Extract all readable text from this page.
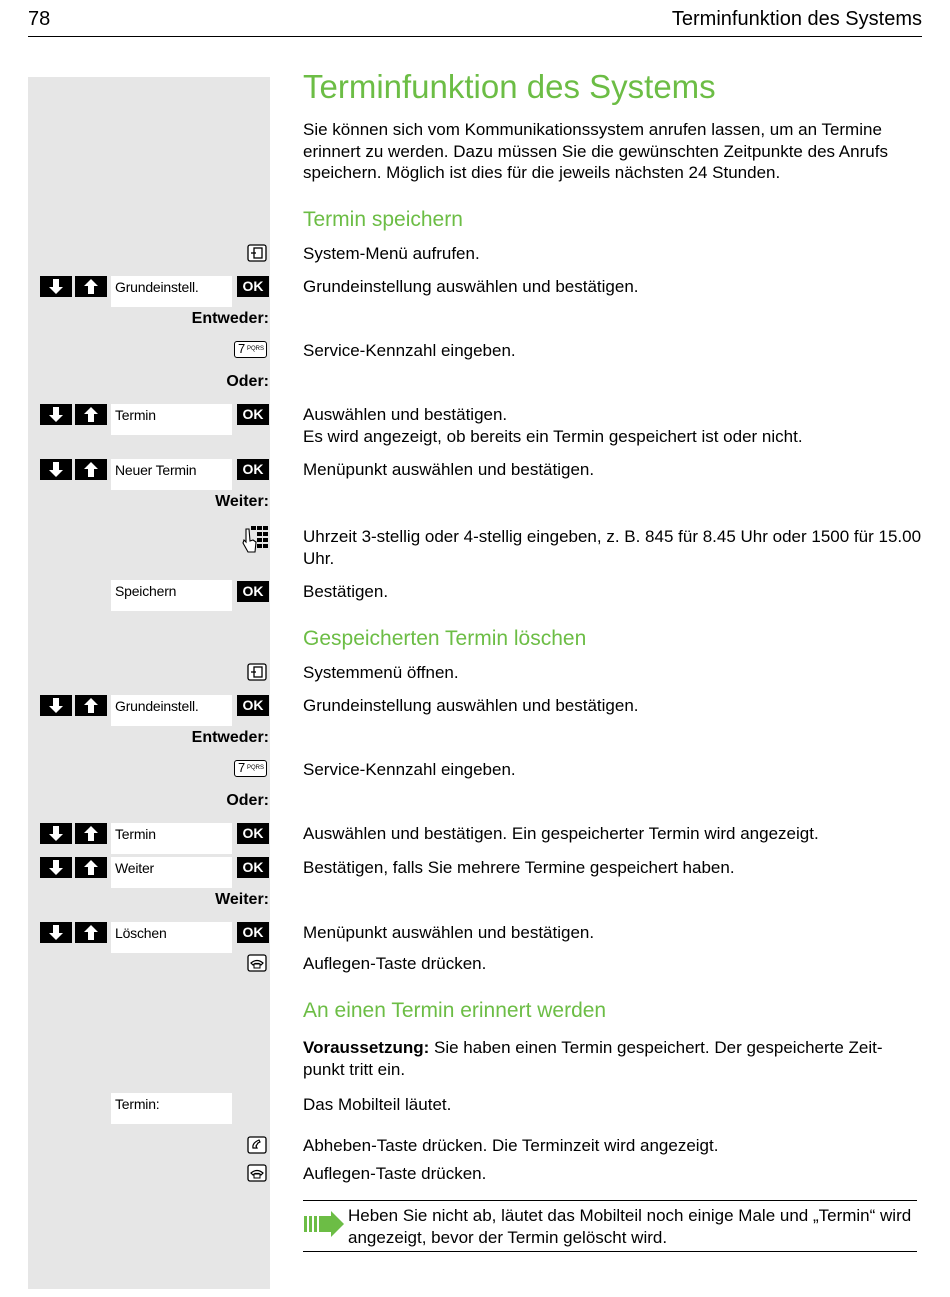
78	Terminfunktion des Systems
Terminfunktion des Systems
Sie können sich vom Kommunikationssystem anrufen lassen, um an Termine erinnert zu werden. Dazu müssen Sie die gewünschten Zeitpunkte des Anrufs speichern. Möglich ist dies für die jeweils nächsten 24 Stunden.
Termin speichern
System-Menü aufrufen.
Grundeinstell.	OK	Grundeinstellung auswählen und bestätigen.
Entweder:
7 PQRS Service-Kennzahl eingeben.
Oder:
Termin	OK	Auswählen und bestätigen.
Es wird angezeigt, ob bereits ein Termin gespeichert ist oder nicht.
Neuer Termin	OK	Menüpunkt auswählen und bestätigen.
Weiter:
Uhrzeit 3-stellig oder 4-stellig eingeben, z. B. 845 für 8.45 Uhr oder 1500 für 15.00 Uhr.
Speichern	OK	Bestätigen.
Gespeicherten Termin löschen
Systemmenü öffnen.
Grundeinstell.	OK	Grundeinstellung auswählen und bestätigen.
Entweder:
7 PQRS Service-Kennzahl eingeben.
Oder:
Termin	OK	Auswählen und bestätigen. Ein gespeicherter Termin wird angezeigt.
Weiter	OK	Bestätigen, falls Sie mehrere Termine gespeichert haben.
Weiter:
Löschen	OK	Menüpunkt auswählen und bestätigen.
Auflegen-Taste drücken.
An einen Termin erinnert werden
Voraussetzung: Sie haben einen Termin gespeichert. Der gespeicherte Zeit-punkt tritt ein.
Termin:	Das Mobilteil läutet.
Abheben-Taste drücken. Die Terminzeit wird angezeigt.
Auflegen-Taste drücken.
Heben Sie nicht ab, läutet das Mobilteil noch einige Male und „Termin“ wird angezeigt, bevor der Termin gelöscht wird.
